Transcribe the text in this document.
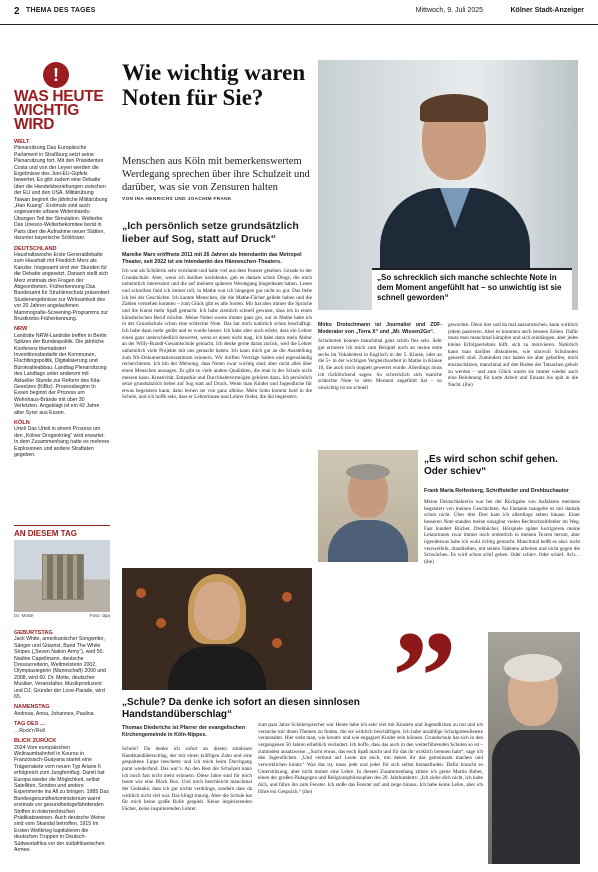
2 THEMA DES TAGES	Mittwoch, 9. Juli 2025	Kölner Stadt-Anzeiger
!
WAS HEUTE WICHTIG WIRD
WELT
Plenarsitzung Das Europäische Parlament in Straßburg setzt seine Plenarsitzung fort. Mit den Präsidenten Costa und von der Leyen werden die Ergebnisse des Juni-EU-Gipfels bewertet. Es gibt zudem eine Debatte über die Handelsbeziehungen zwischen der EU und den USA. Militärübung Taiwan beginnt die jährliche Militärübung „Han Kuang“. Erstmals sind auch sogenannte urbane Widerstands-Übungen Teil der Simulation. Welterbe Das Unesco-Welterbekomitee berät in Paris über die Aufnahme neuer Stätten, darunter bayerische Schlösser.
DEUTSCHLAND
Haushaltswoche Erste Generaldebatte zum Haushalt mit Friedrich Merz als Kanzler. Insgesamt sind vier Stunden für die Debatte angesetzt. Danach stellt sich Merz erstmals den Fragen der Abgeordneten. Früherkennung Das Bundesamt für Strahlenschutz präsentiert Studienergebnisse zur Wirksamkeit des vor 20 Jahren angelaufenen Mammografie-Screening-Programms zur Brustkrebs-Früherkennung.
NRW
Landräte NRW-Landräte treffen in Berlin Spitzen der Bundespolitik. Die jährliche Konferenz thematisiert Investitionsbedarfe der Kommunen, Flüchtlingspolitik, Digitalisierung und Bürokratieabbau. Landtag Plenarsitzung des Landtags unter anderem mit Aktueller Stunde zur Reform des Kita-Gesetzes (KiBiz). Prozessbeginn In Essen beginnt der Prozess um Wohnhaus-Brände mit über 30 Verletzten. Angeklagt ist ein 42 Jahre alter Syrer aus Essen.
KÖLN
Urteil Das Urteil in einem Prozess um den „Kölner Drogenkrieg“ wird erwartet. In dem Zusammenhang hatte es mehrere Explosionen und andere Straftaten gegeben.
AN DIESEM TAG
Dr. Motte	Foto: dpa
GEBURTSTAG
Jack White, amerikanischer Songwriter, Sänger und Gitarrist, Band The White Stripes („Seven Nation Army“), wird 50. Nadine Capellmann, deutsche Dressurreiterin, Weltmeisterin 2002, Olympiasiegerin (Mannschaft) 2000 und 2008, wird 60. Dr. Motte, deutscher Musiker, Veranstalter, Musikproduzent und DJ, Gründer der Love-Parade, wird 65.
NAMENSTAG
Andreas, Anna, Johannes, Paulina
TAG DES …
…Rock'n'Roll
BLICK ZURÜCK
2024 Vom europäischen Weltraumbahnhof in Kourou in Französisch-Guayana startet eine Trägerrakete vom neuen Typ Ariane 6 erfolgreich zum Jungfernflug. Damit hat Europa wieder die Möglichkeit, selbst Satelliten, Sonden und andere Experimente ins All zu bringen. 1985 Das Bundesgesundheitsministerium warnt erstmals vor gesundheitsgefährdenden Stoffen in österreichischen Prädikatsweinen. Auch deutsche Weine sind vom Skandal betroffen. 1915 Im Ersten Weltkrieg kapitulieren die deutschen Truppen in Deutsch-Südwestafrika vor der südafrikanischen Armee.
Wie wichtig waren Noten für Sie?
Menschen aus Köln mit bemerkenswertem Werdegang sprechen über ihre Schulzeit und darüber, was sie von Zensuren halten
VON INA HENRICHS UND JOACHIM FRANK
„Ich persönlich setze grundsätzlich lieber auf Sog, statt auf Druck“
Mareike Marx eröffnete 2011 mit 26 Jahren als Intendantin das Metropol Theater, seit 2022 ist sie Intendantin des Hänneschen-Theaters.
Ich war als Schülerin sehr verträumt und habe viel aus dem Fenster gesehen. Gerade in der Grundschule. Aber, wenn ich darüber nachdenke, gab es damals schon Dinge, die mich unheimlich interessiert und die auf meinem späteren Werdegang hingedeutet haben. Lesen und schreiben fand ich immer toll, in Mathe war ich hingegen gar nicht so gut. Das liebe ich bei der Geschichte. Ich kannte Menschen, die die Mathe-Fächer geliebt haben und die Zahlen verstehen konnten – zum Glück gibt es alle Sorten. Mir hat aber immer die Sprache und die Kunst mehr Spaß gemacht. Ich habe ziemlich schnell gewusst, dass ich in einen künstlerischen Beruf möchte. Meine Noten waren immer ganz gut, nur in Mathe hatte ich in der Grundschule schon eine schlechte Note. Das hat mich natürlich schon beschäftigt. Ich habe dann mehr geübt und es wurde besser. Ich habe aber auch erlebt, dass ein Lehrer einen ganz unterschiedlich bewertet, wenn er einen nicht mag. Ich habe dann mein Abitur an der Willy-Brandt-Gesamtschule gemacht. Ich denke gerne daran zurück, weil die Lehrer unheimlich viele Projekte mit uns gemacht haben. Ich kann mich gut an die Ausstellung zum NS-Dokumentationszentrum erinnern. Wir durften Vorträge halten und eigenständig recherchieren. Ich bin der Meinung, dass Noten zwar wichtig sind, aber nicht alles über einen Menschen aussagen. Es gibt so viele andere Qualitäten, die man in der Schule nicht messen kann. Kreativität, Empathie und Durchhaltevermögen gehören dazu. Ich persönlich setze grundsätzlich lieber auf Sog statt auf Druck. Wenn man Kinder und Jugendliche für etwas begeistern kann, dann lernen sie von ganz alleine. Mein Sohn kommt bald in die Schule, und ich hoffe sehr, dass er Lehrerinnen und Lehrer findet, die ihn begeistern.
„So schrecklich sich manche schlechte Note in dem Moment angefühlt hat – so unwichtig ist sie schnell geworden“
Mirko Drotschmann ist Journalist und ZDF-Moderator von „Terra X“ und „Mr. Wissen2Go“.
Schulnoten können manchmal ganz schön fies sein. Sehr gut erinnere ich mich zum Beispiel noch an meine erste sechs im Vokabeltest in Englisch in der 5. Klasse, oder an die 5+ in der wichtigen Vergleichsarbeit in Mathe in Klasse 10, die auch noch doppelt gewertet wurde. Allerdings muss ich rückblickend sagen: So schrecklich sich manche schlechte Note in dem Moment angefühlt hat – so unwichtig ist sie schnell
geworden. Denn hier und da mal auszurutschen, kann wirklich jedem passieren. Aber es kommen auch bessere Zeiten. Dafür muss man manchmal kämpfen und sich reinhängen, aber jedes kleine Erfolgserlebnis hilft, sich zu motivieren. Natürlich kann man darüber diskutieren, wie sinnvoll Schulnoten generell sind. Zumindest mir haben sie aber geholfen, mich einzuschätzen, manchmal auf den Boden der Tatsachen geholt zu werden – und zum Glück waren sie immer wieder auch eine Belohnung für harte Arbeit und Einsatz bis spät in die Nacht. (ihe)
„Es wird schon schif gehen. Oder schiev“
Frank Maria Reifenberg, Schriftsteller und Drehbuchautor
Meine Deutschlehrerin war bei der Rückgabe von Aufsätzen meistens begeistert von meinen Geschichten. An Fantasie mangelte es mir damals schon nicht. Über drei Drei kam ich allerdings selten hinaus. Einer besseren Note standen meine unsagbar vielen Rechtschreibfehler im Weg. Fast hundert Bücher, Drehbücher, Hörspiele später korrigieren meine Lektorinnen zwar immer noch ordentlich in meinen Texten herum, aber irgendetwas habe ich wohl richtig gemacht. Manchmal heißt es also: nicht verzweifeln, dranbleiben, mit seinen Talenten arbeiten und nicht gegen die Schwächen. Es wird schon schif gehen. Oder schiev. Oder schief. Ach… (ihe)
”
„Schule? Da denke ich sofort an diesen sinnlosen Handstandüberschlag“
Thomas Diederichs ist Pfarrer der evangelischen Kirchengemeinde in Köln-Nippes.
Schule? Da denke ich sofort an diesen sinnlosen Handstandüberschlag, der mir einen kräftigen Zahn und eine gespaltene Lippe bescherte und ich mich beim Durchgang parat wiederfand. Das war’s. An den Rest der Schulzeit kann ich mich fast nicht mehr erinnern. Diese Jahre sind für mich heute wie eine Black Box. Und mich beschleicht manchmal der Gedanke, dass ich gar nichts verdränge, sondern dass da wirklich nicht viel war. Das klingt traurig. Aber die Schule hat für mich keine große Rolle gespielt. Keine inspirierenden Fächer, keine inspirierenden Lehrer.
zum paar Jahre Schülersprecher war Heute habe ich sehr viel mit Kindern und Jugendlichen zu tun und ich versuche mit ihnen Themen zu finden, die sie wirklich beschäftigen. Ich habe unzählige Schulgottesdienste veranstaltet. Hier sieht man, wie kreativ und wie engagiert Kinder sein können. Grundschule hat sich in den vergangenen 50 Jahren erheblich verändert. Ich hoffe, dass das auch in den weiterführenden Schulen so ist – zumindest ansatzweise. „Sucht etwas, das euch Spaß macht und für das ihr wirklich brennen habt“, sage ich den Jugendlichen. „Und vertraut auf Leute um euch, mit denen ihr das gemeinsam machen und verwirklichen könnt.“ Was das ist, muss jede und jeder für sich selbst herausfinden. Dafür braucht es Unterstützung, aber nicht immer eine Lehre. In diesem Zusammenhang zitiere ich gerne Martin Buber, einen der großen Pädagogen und Religionsphilosophen des 20. Jahrhunderts: „Ich ziehe dich nicht, ich halte dich, und führe ihn zum Fenster. Ich stoße das Fenster auf und zeige hinaus. Ich habe keine Lehre, aber ich führe ein Gespräch.“ (ihe)
